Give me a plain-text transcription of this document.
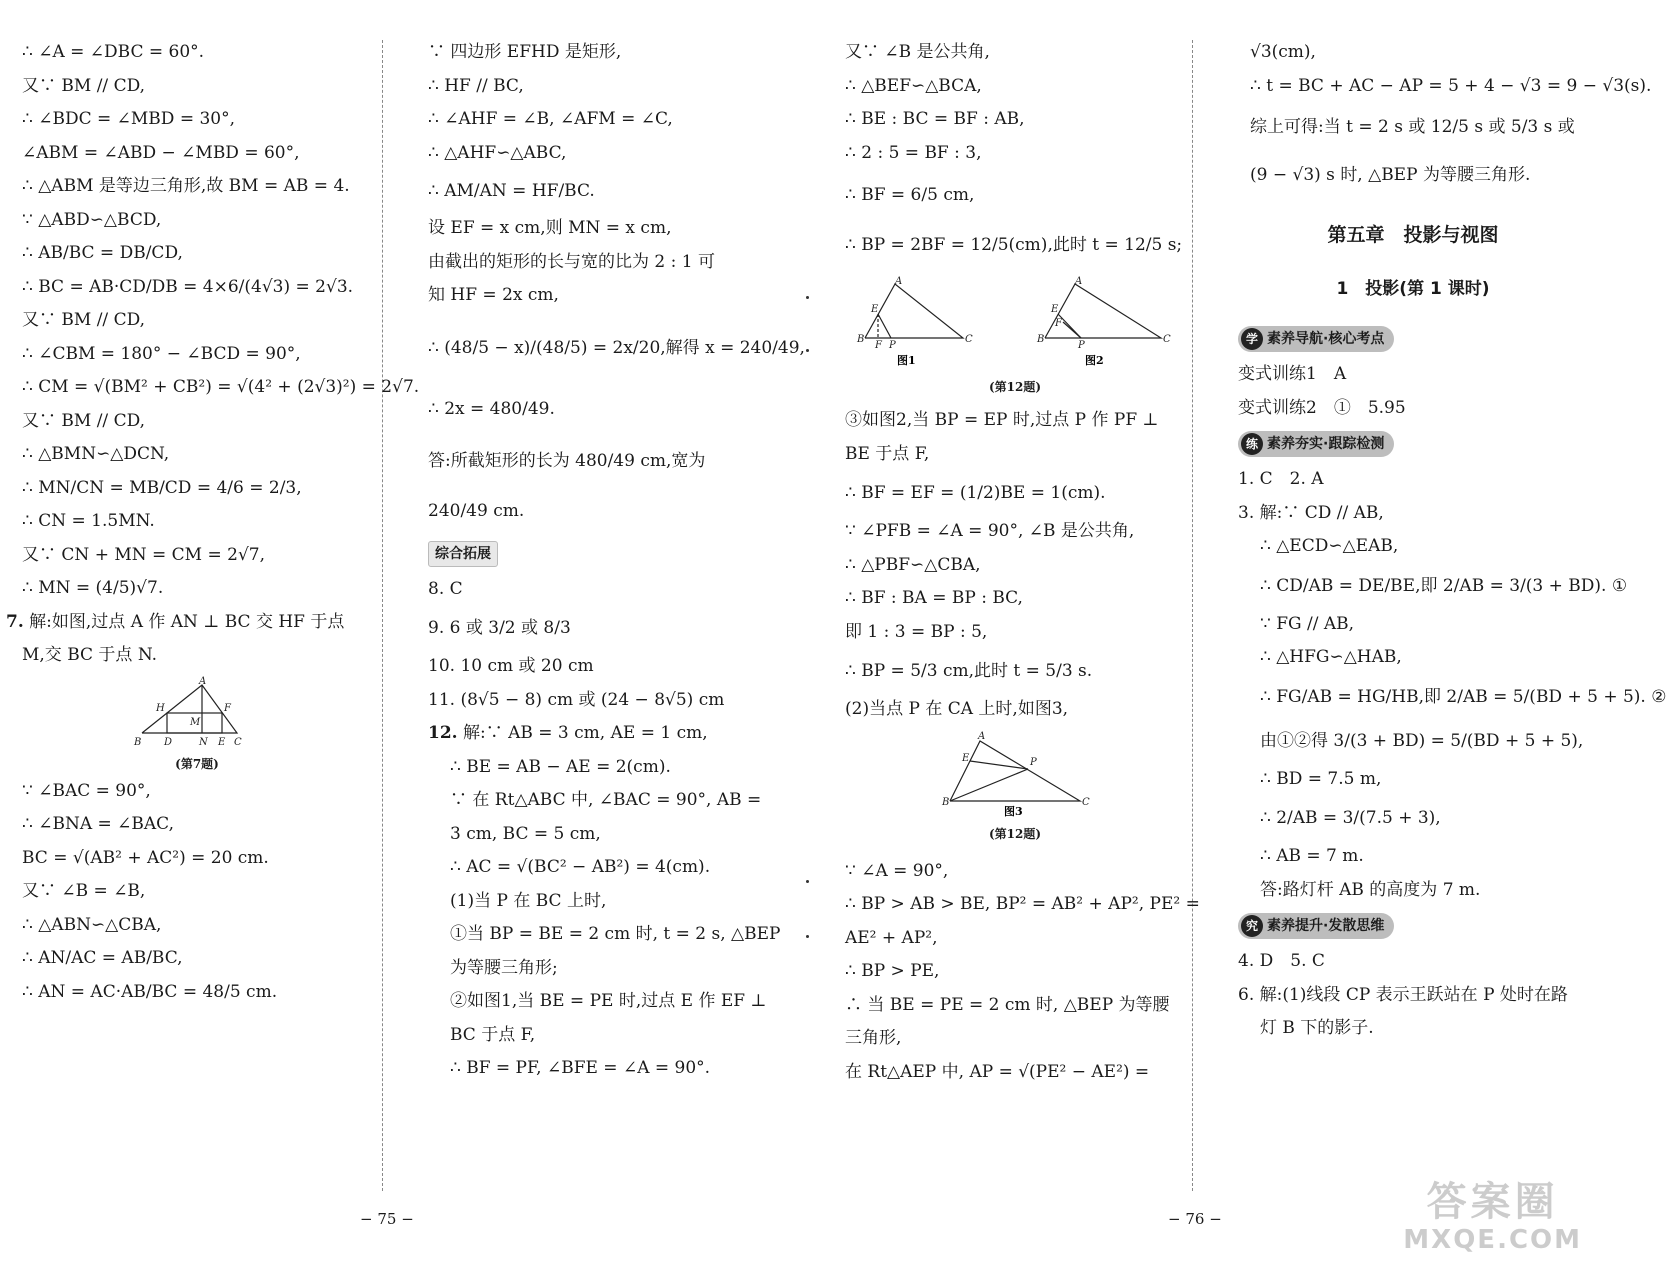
∴ ∠A = ∠DBC = 60°.

又∵ BM // CD,

∴ ∠BDC = ∠MBD = 30°,

∠ABM = ∠ABD − ∠MBD = 60°,

∴ △ABM 是等边三角形,故 BM = AB = 4.

∵ △ABD∽△BCD,

∴ AB/BC = DB/CD,

∴ BC = AB·CD/DB = 4×6/(4√3) = 2√3.

又∵ BM // CD,

∴ ∠CBM = 180° − ∠BCD = 90°,

∴ CM = √(BM² + CB²) = √(4² + (2√3)²) = 2√7.

又∵ BM // CD,

∴ △BMN∽△DCN,

∴ MN/CN = MB/CD = 4/6 = 2/3,

∴ CN = 1.5MN.

又∵ CN + MN = CM = 2√7,

∴ MN = (4/5)√7.

7. 解:如图,过点 A 作 AN ⊥ BC 交 HF 于点

M,交 BC 于点 N.

A
H	F
M
B D	N E C
(第7题)

∵ ∠BAC = 90°,

∴ ∠BNA = ∠BAC,

BC = √(AB² + AC²) = 20 cm.

又∵ ∠B = ∠B,

∴ △ABN∽△CBA,

∴ AN/AC = AB/BC,

∴ AN = AC·AB/BC = 48/5 cm.

∵ 四边形 EFHD 是矩形,

∴ HF // BC,

∴ ∠AHF = ∠B, ∠AFM = ∠C,

∴ △AHF∽△ABC,

∴ AM/AN = HF/BC.

设 EF = x cm,则 MN = x cm,

由截出的矩形的长与宽的比为 2 : 1 可

知 HF = 2x cm,

∴ (48/5 − x)/(48/5) = 2x/20,解得 x = 240/49,

∴ 2x = 480/49.

答:所截矩形的长为 480/49 cm,宽为

240/49 cm.

综合拓展

8. C

9. 6 或 3/2 或 8/3

10. 10 cm 或 20 cm

11. (8√5 − 8) cm 或 (24 − 8√5) cm

12. 解:∵ AB = 3 cm, AE = 1 cm,

∴ BE = AB − AE = 2(cm).

∵ 在 Rt△ABC 中, ∠BAC = 90°, AB =

3 cm, BC = 5 cm,

∴ AC = √(BC² − AB²) = 4(cm).

(1)当 P 在 BC 上时,

①当 BP = BE = 2 cm 时, t = 2 s, △BEP

为等腰三角形;

②如图1,当 BE = PE 时,过点 E 作 EF ⊥

BC 于点 F,

∴ BF = PF, ∠BFE = ∠A = 90°.

又∵ ∠B 是公共角,

∴ △BEF∽△BCA,

∴ BE : BC = BF : AB,

∴ 2 : 5 = BF : 3,

∴ BF = 6/5 cm,

∴ BP = 2BF = 12/5(cm),此时 t = 12/5 s;

A
E
B
F P
C
A
E
F
B
P
C
图1	图2
(第12题)

③如图2,当 BP = EP 时,过点 P 作 PF ⊥

BE 于点 F,

∴ BF = EF = (1/2)BE = 1(cm).

∵ ∠PFB = ∠A = 90°, ∠B 是公共角,

∴ △PBF∽△CBA,

∴ BF : BA = BP : BC,

即 1 : 3 = BP : 5,

∴ BP = 5/3 cm,此时 t = 5/3 s.

(2)当点 P 在 CA 上时,如图3,

A
E	P
B	C
图3
(第12题)

∵ ∠A = 90°,

∴ BP > AB > BE, BP² = AB² + AP², PE² =

AE² + AP²,

∴ BP > PE,

∴ 当 BE = PE = 2 cm 时, △BEP 为等腰

三角形,

在 Rt△AEP 中, AP = √(PE² − AE²) =

√3(cm),

∴ t = BC + AC − AP = 5 + 4 − √3 = 9 − √3(s).

综上可得:当 t = 2 s 或 12/5 s 或 5/3 s 或

(9 − √3) s 时, △BEP 为等腰三角形.

第五章　投影与视图

1　投影(第 1 课时)

学 素养导航·核心考点

变式训练1　A

变式训练2　①　5.95

练 素养夯实·跟踪检测

1. C　2. A

3. 解:∵ CD // AB,

∴ △ECD∽△EAB,

∴ CD/AB = DE/BE,即 2/AB = 3/(3 + BD). ①

∵ FG // AB,

∴ △HFG∽△HAB,

∴ FG/AB = HG/HB,即 2/AB = 5/(BD + 5 + 5). ②

由①②得 3/(3 + BD) = 5/(BD + 5 + 5),

∴ BD = 7.5 m,

∴ 2/AB = 3/(7.5 + 3),

∴ AB = 7 m.

答:路灯杆 AB 的高度为 7 m.

究 素养提升·发散思维

4. D　5. C

6. 解:(1)线段 CP 表示王跃站在 P 处时在路

灯 B 下的影子.

− 75 −	− 76 −	答案圈
MXQE.COM
